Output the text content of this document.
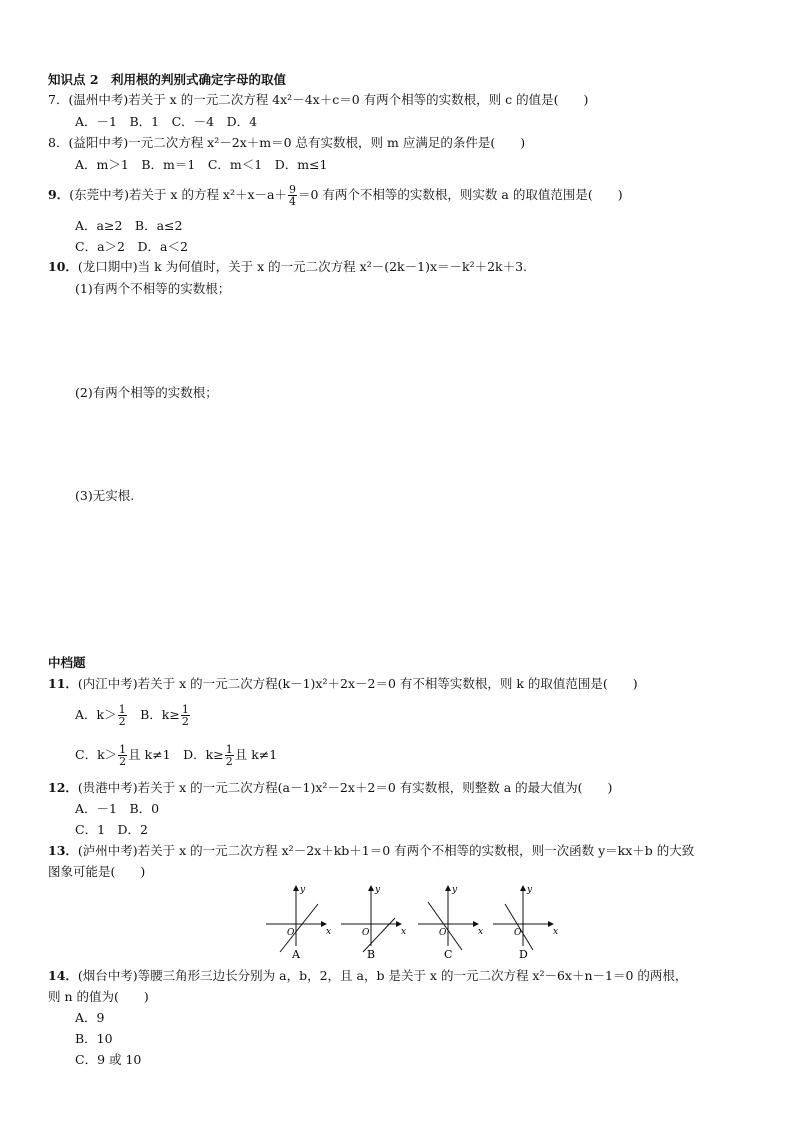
知识点 2　利用根的判别式确定字母的取值
7．(温州中考)若关于 x 的一元二次方程 4x²－4x＋c＝0 有两个相等的实数根，则 c 的值是(　　)
A．－1　B．1　C．－4　D．4
8．(益阳中考)一元二次方程 x²－2x＋m＝0 总有实数根，则 m 应满足的条件是(　　)
A．m＞1　B．m＝1　C．m＜1　D．m≤1
9．(东莞中考)若关于 x 的方程 $x^2+x-a+ \frac{9}{4} =0$ 有两个不相等的实数根，则实数 a 的取值范围是(　　)
A．a≥2　B．a≤2
C．a＞2　D．a＜2
10．(龙口期中)当 k 为何值时，关于 x 的一元二次方程 x²－(2k－1)x＝－k²＋2k＋3.
(1)有两个不相等的实数根；
(2)有两个相等的实数根；
(3)无实根.
中档题
11．(内江中考)若关于 x 的一元二次方程(k－1)x²＋2x－2＝0 有不相等实数根，则 k 的取值范围是(　　)
A．$k> \frac{1}{2}$
　 B．$k\ge \frac{1}{2}$
C．$k> \frac{1}{2}$ 且 k≠1　 D．$k\ge \frac{1}{2}$ 且 k≠1
12．(贵港中考)若关于 x 的一元二次方程(a－1)x²－2x＋2＝0 有实数根，则整数 a 的最大值为(　　)
A．－1　B．0
C．1　D．2
13．(泸州中考)若关于 x 的一元二次方程 x²－2x＋kb＋1＝0 有两个不相等的实数根，则一次函数 y＝kx＋b 的大致
图象可能是(　　)
x
y
O
A
x
y
O
B
x
y
O
C
x
y
O
D
14．(烟台中考)等腰三角形三边长分别为 a，b，2，且 a，b 是关于 x 的一元二次方程 x²－6x＋n－1＝0 的两根，
则 n 的值为(　　)
A．9
B．10
C．9 或 10
